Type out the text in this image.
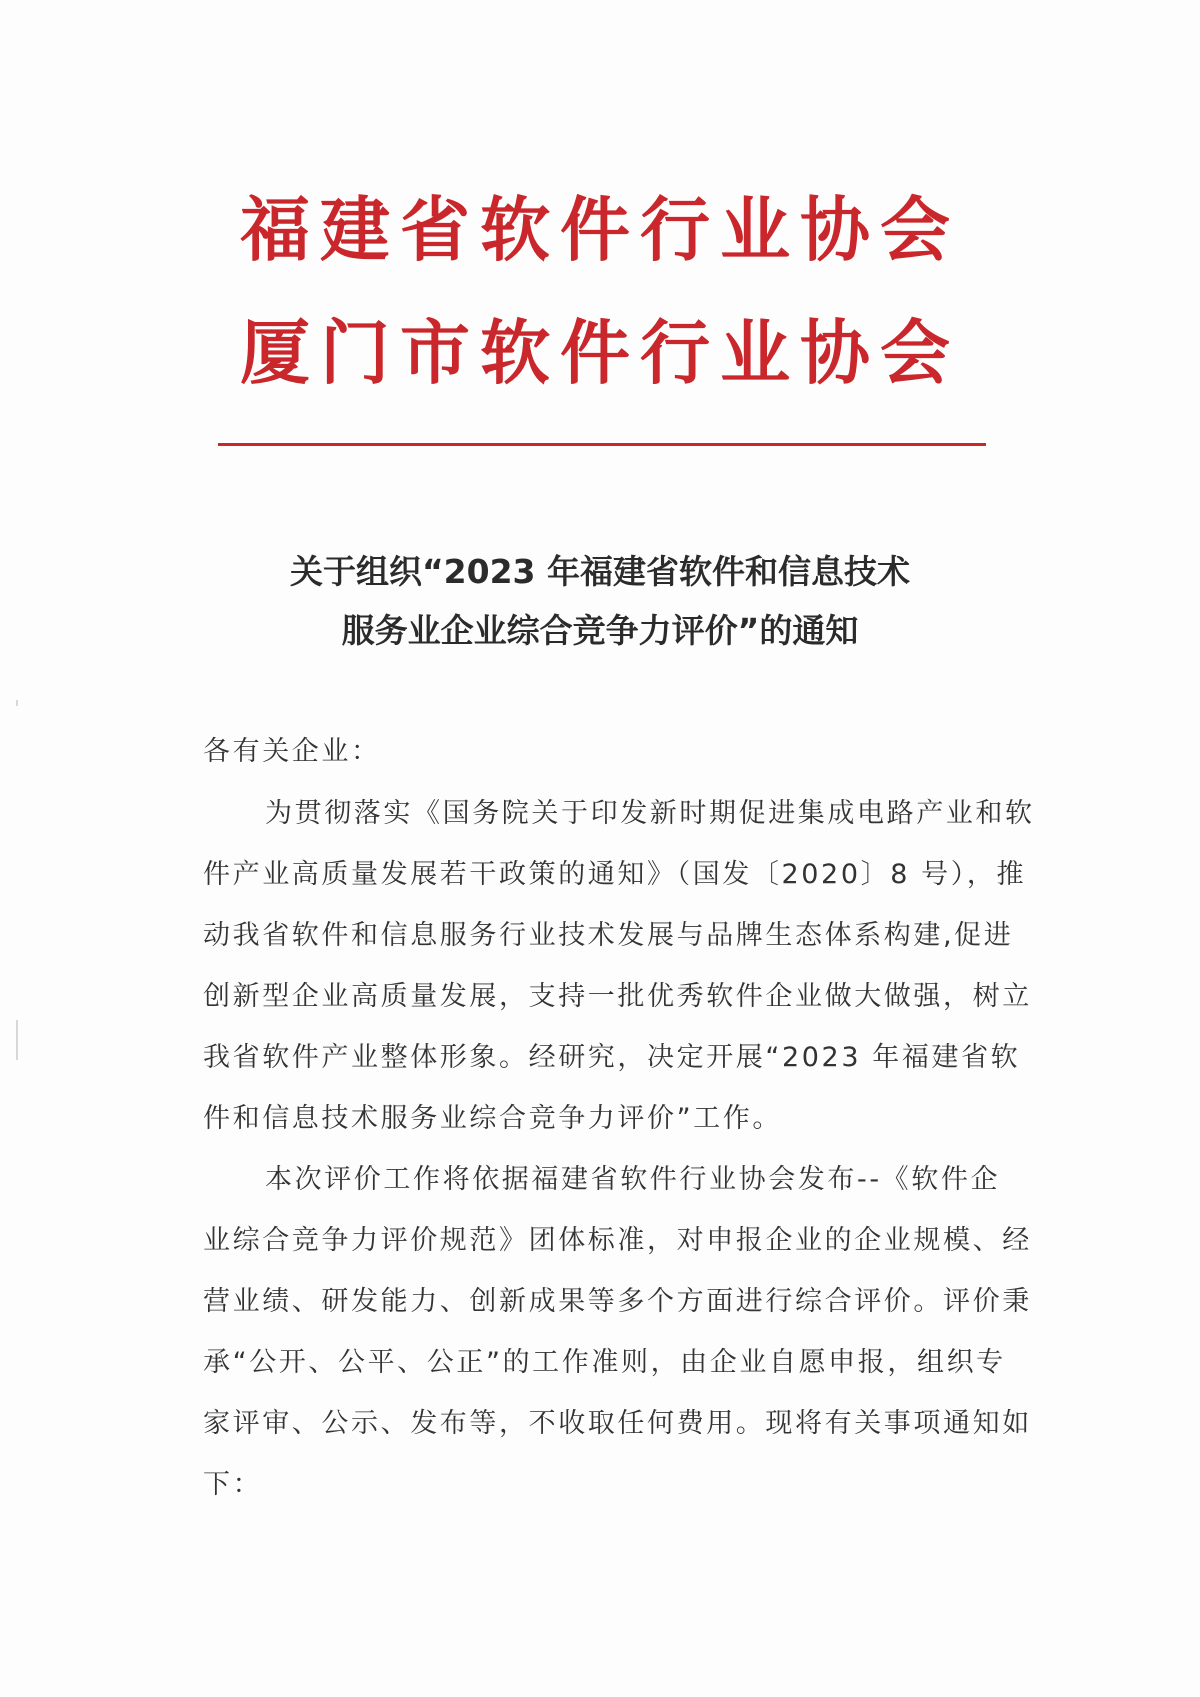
福建省软件行业协会
厦门市软件行业协会
关于组织“2023 年福建省软件和信息技术
服务业企业综合竞争力评价”的通知
各有关企业：
为贯彻落实《国务院关于印发新时期促进集成电路产业和软
件产业高质量发展若干政策的通知》（国发〔2020〕8 号），推
动我省软件和信息服务行业技术发展与品牌生态体系构建,促进
创新型企业高质量发展，支持一批优秀软件企业做大做强，树立
我省软件产业整体形象。经研究，决定开展“2023 年福建省软
件和信息技术服务业综合竞争力评价”工作。
本次评价工作将依据福建省软件行业协会发布--《软件企
业综合竞争力评价规范》团体标准，对申报企业的企业规模、经
营业绩、研发能力、创新成果等多个方面进行综合评价。评价秉
承“公开、公平、公正”的工作准则，由企业自愿申报，组织专
家评审、公示、发布等，不收取任何费用。现将有关事项通知如
下：
